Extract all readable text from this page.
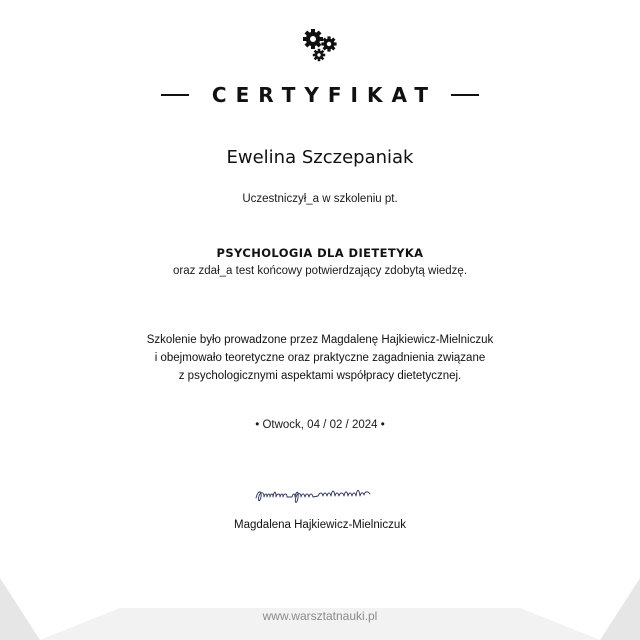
CERTYFIKAT
Ewelina Szczepaniak
Uczestniczył_a w szkoleniu pt.
PSYCHOLOGIA DLA DIETETYKA
oraz zdał_a test końcowy potwierdzający zdobytą wiedzę.
Szkolenie było prowadzone przez Magdalenę Hajkiewicz-Mielniczuk
i obejmowało teoretyczne oraz praktyczne zagadnienia związane
z psychologicznymi aspektami współpracy dietetycznej.
• Otwock, 04 / 02 / 2024 •
Magdalena Hajkiewicz-Mielniczuk
www.warsztatnauki.pl
